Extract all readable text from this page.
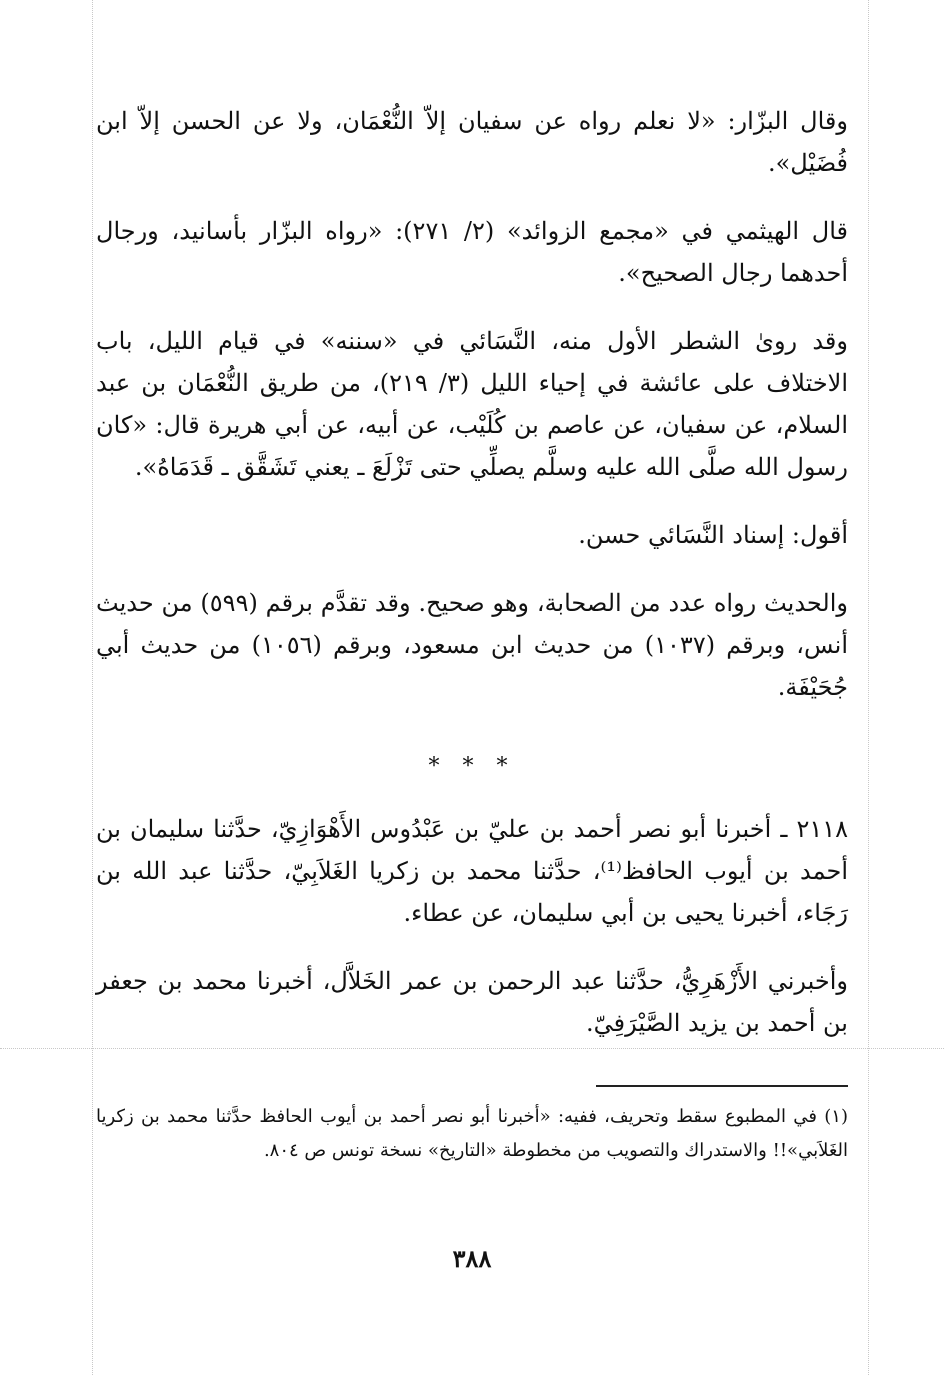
وقال البزّار: «لا نعلم رواه عن سفيان إلاّ النُّعْمَان، ولا عن الحسن إلاّ ابن فُضَيْل».

قال الهيثمي في «مجمع الزوائد» (٢/ ٢٧١): «رواه البزّار بأسانيد، ورجال أحدهما رجال الصحيح».

وقد روىٰ الشطر الأول منه، النَّسَائي في «سننه» في قيام الليل، باب الاختلاف على عائشة في إحياء الليل (٣/ ٢١٩)، من طريق النُّعْمَان بن عبد السلام، عن سفيان، عن عاصم بن كُلَيْب، عن أبيه، عن أبي هريرة قال: «كان رسول الله صلَّى الله عليه وسلَّم يصلِّي حتى تَزْلَعَ ـ يعني تَشَقَّق ـ قَدَمَاهُ».

أقول: إسناد النَّسَائي حسن.

والحديث رواه عدد من الصحابة، وهو صحيح. وقد تقدَّم برقم (٥٩٩) من حديث أنس، وبرقم (١٠٣٧) من حديث ابن مسعود، وبرقم (١٠٥٦) من حديث أبي جُحَيْفَة.

* * *

٢١١٨ ـ أخبرنا أبو نصر أحمد بن عليّ بن عَبْدُوس الأَهْوَازِيّ، حدَّثنا سليمان بن أحمد بن أيوب الحافظ⁽¹⁾، حدَّثنا محمد بن زكريا الغَلاَبِيّ، حدَّثنا عبد الله بن رَجَاء، أخبرنا يحيى بن أبي سليمان، عن عطاء.

وأخبرني الأَزْهَرِيُّ، حدَّثنا عبد الرحمن بن عمر الخَلاَّل، أخبرنا محمد بن جعفر بن أحمد بن يزيد الصَّيْرَفِيّ.

(١) في المطبوع سقط وتحريف، ففيه: «أخبرنا أبو نصر أحمد بن أيوب الحافظ حدَّثنا محمد بن زكريا الغَلاَبي»!! والاستدراك والتصويب من مخطوطة «التاريخ» نسخة تونس ص ٨٠٤.

٣٨٨
